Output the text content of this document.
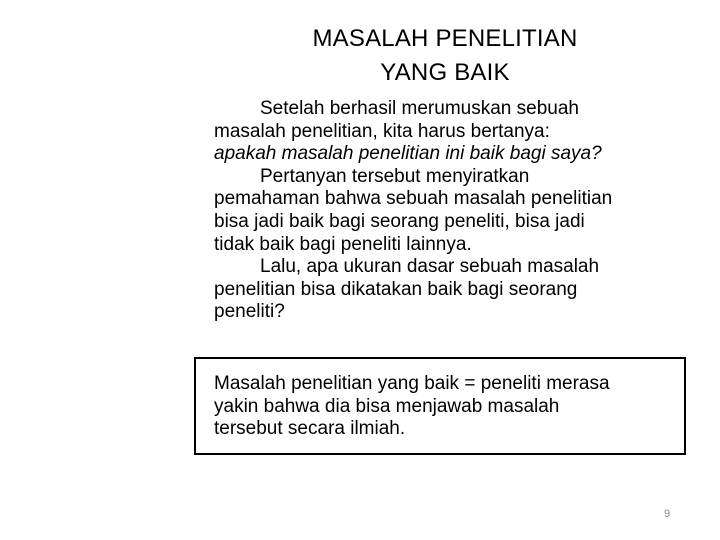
MASALAH PENELITIAN
YANG BAIK
Setelah berhasil merumuskan sebuah
masalah penelitian, kita harus bertanya:
apakah masalah penelitian ini baik bagi saya?
Pertanyan tersebut menyiratkan
pemahaman bahwa sebuah masalah penelitian
bisa jadi baik bagi seorang peneliti, bisa jadi
tidak baik bagi peneliti lainnya.
Lalu, apa ukuran dasar sebuah masalah
penelitian bisa dikatakan baik bagi seorang
peneliti?
Masalah penelitian yang baik = peneliti merasa
yakin bahwa dia bisa menjawab masalah
tersebut secara ilmiah.
9
